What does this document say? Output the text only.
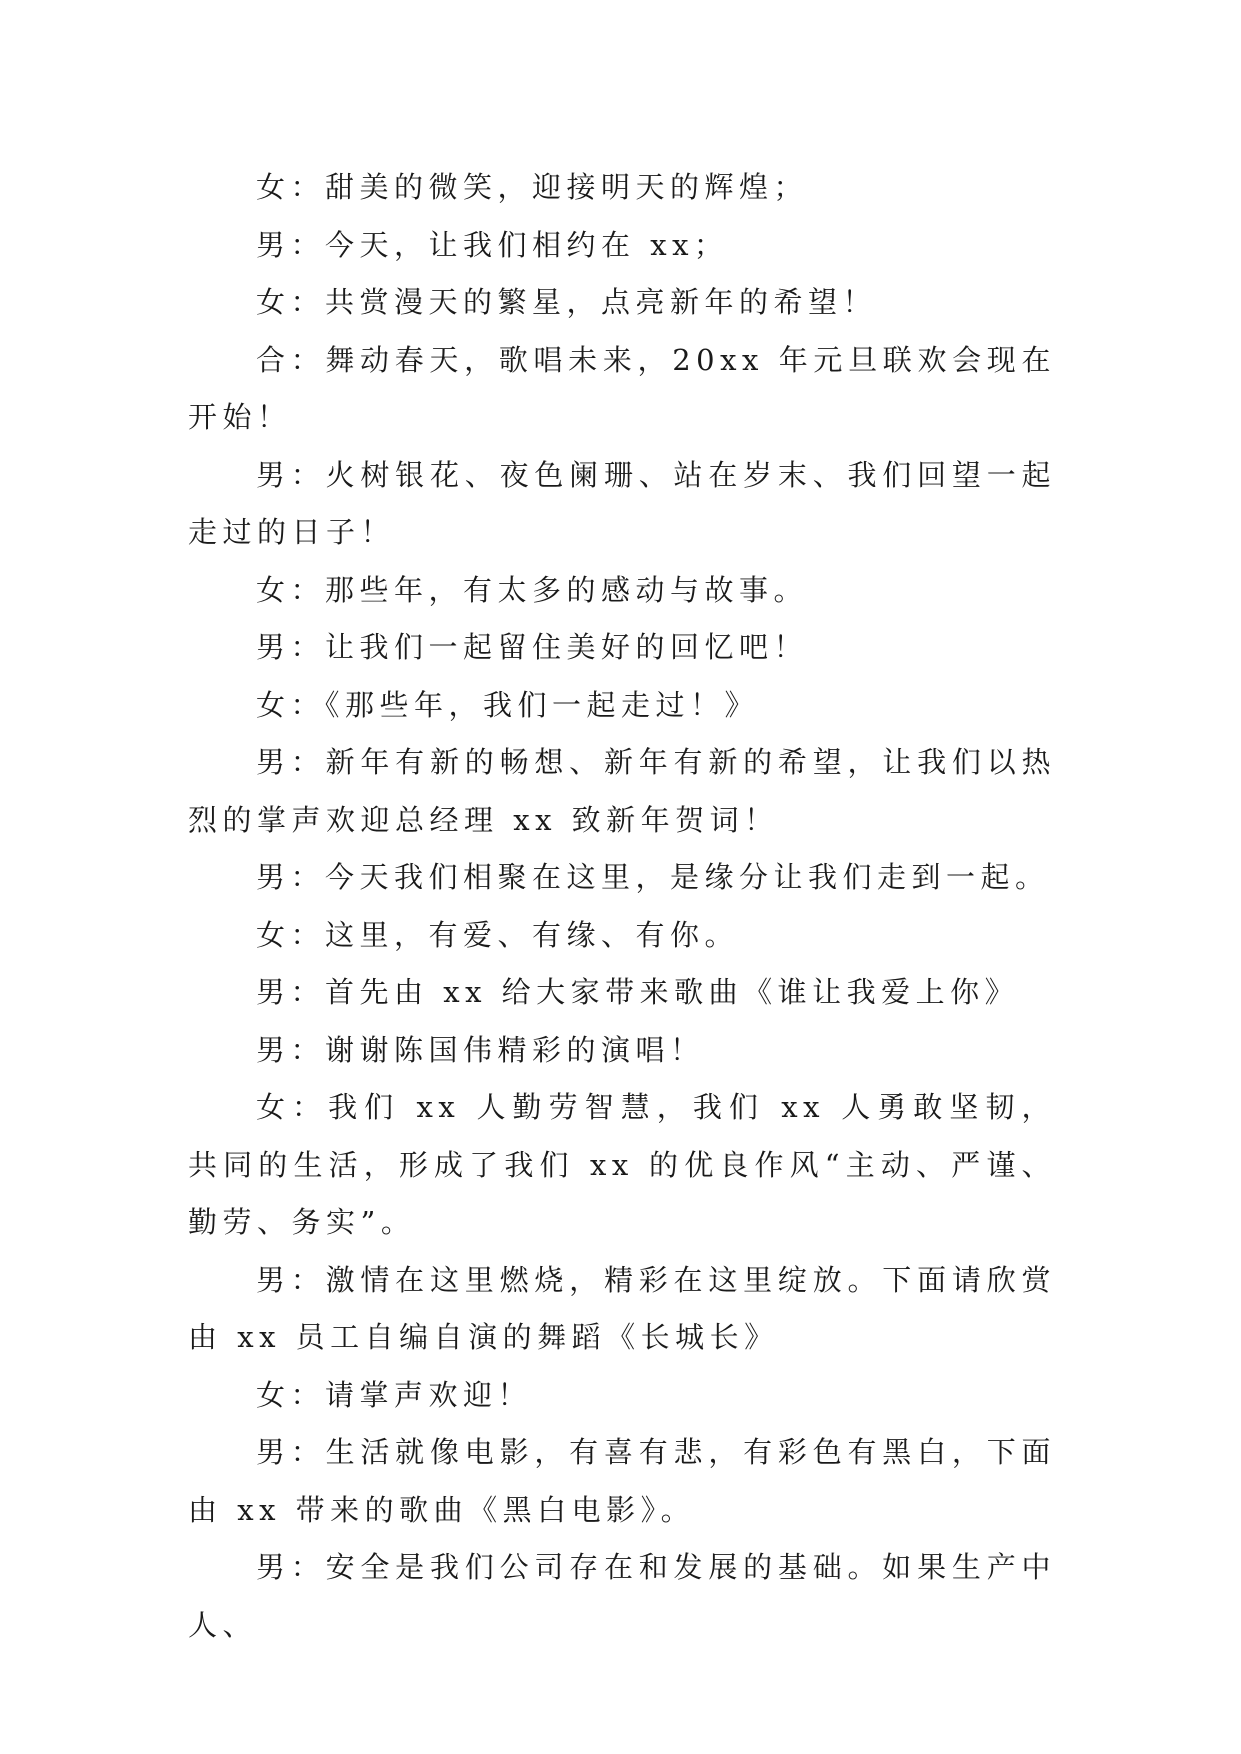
女：甜美的微笑，迎接明天的辉煌；

男：今天，让我们相约在 xx；

女：共赏漫天的繁星，点亮新年的希望！

合：舞动春天，歌唱未来，20xx 年元旦联欢会现在开始！

男：火树银花、夜色阑珊、站在岁末、我们回望一起走过的日子！

女：那些年，有太多的感动与故事。

男：让我们一起留住美好的回忆吧！

女：《那些年，我们一起走过！》

男：新年有新的畅想、新年有新的希望，让我们以热烈的掌声欢迎总经理 xx 致新年贺词！

男：今天我们相聚在这里，是缘分让我们走到一起。

女：这里，有爱、有缘、有你。

男：首先由 xx 给大家带来歌曲《谁让我爱上你》

男：谢谢陈国伟精彩的演唱！

女：我们 xx 人勤劳智慧，我们 xx 人勇敢坚韧，共同的生活，形成了我们 xx 的优良作风“主动、严谨、勤劳、务实”。

男：激情在这里燃烧，精彩在这里绽放。下面请欣赏由 xx 员工自编自演的舞蹈《长城长》

女：请掌声欢迎！

男：生活就像电影，有喜有悲，有彩色有黑白，下面由 xx 带来的歌曲《黑白电影》。

男：安全是我们公司存在和发展的基础。如果生产中人、
